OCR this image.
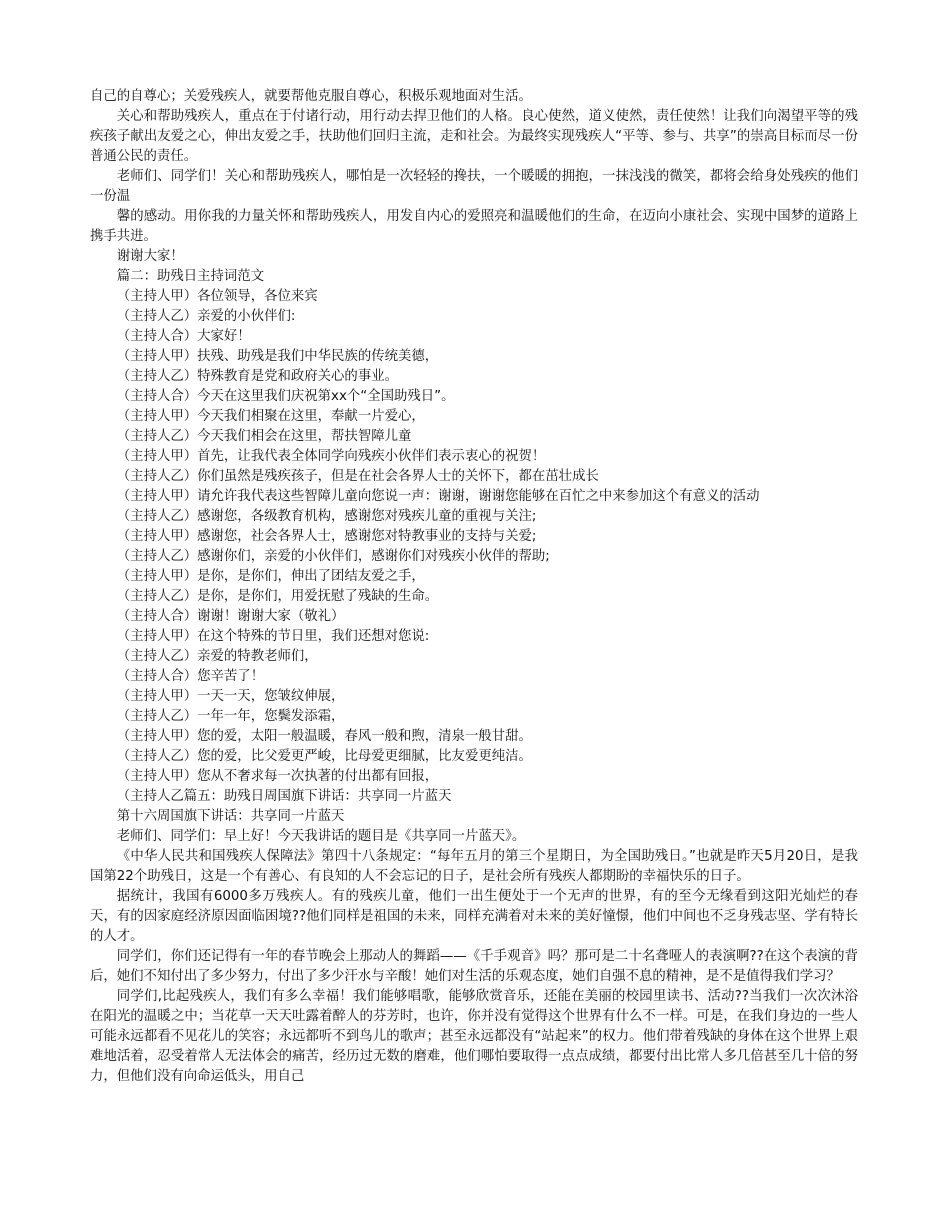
自己的自尊心；关爱残疾人，就要帮他克服自尊心，积极乐观地面对生活。

关心和帮助残疾人，重点在于付诸行动，用行动去捍卫他们的人格。良心使然，道义使然，责任使然！让我们向渴望平等的残疾孩子献出友爱之心，伸出友爱之手，扶助他们回归主流，走和社会。为最终实现残疾人“平等、参与、共享”的崇高目标而尽一份普通公民的责任。

老师们、同学们！关心和帮助残疾人，哪怕是一次轻轻的搀扶，一个暖暖的拥抱，一抹浅浅的微笑，都将会给身处残疾的他们一份温

馨的感动。用你我的力量关怀和帮助残疾人，用发自内心的爱照亮和温暖他们的生命，在迈向小康社会、实现中国梦的道路上携手共进。

谢谢大家！

篇二：助残日主持词范文

（主持人甲）各位领导，各位来宾

（主持人乙）亲爱的小伙伴们:

（主持人合）大家好！

（主持人甲）扶残、助残是我们中华民族的传统美德，

（主持人乙）特殊教育是党和政府关心的事业。

（主持人合）今天在这里我们庆祝第xx个“全国助残日”。

（主持人甲）今天我们相聚在这里，奉献一片爱心，

（主持人乙）今天我们相会在这里，帮扶智障儿童

（主持人甲）首先，让我代表全体同学向残疾小伙伴们表示衷心的祝贺！

（主持人乙）你们虽然是残疾孩子，但是在社会各界人士的关怀下，都在茁壮成长

（主持人甲）请允许我代表这些智障儿童向您说一声：谢谢，谢谢您能够在百忙之中来参加这个有意义的活动

（主持人乙）感谢您，各级教育机构，感谢您对残疾儿童的重视与关注;

（主持人甲）感谢您，社会各界人士，感谢您对特教事业的支持与关爱;

（主持人乙）感谢你们，亲爱的小伙伴们，感谢你们对残疾小伙伴的帮助;

（主持人甲）是你，是你们，伸出了团结友爱之手，

（主持人乙）是你，是你们，用爱抚慰了残缺的生命。

（主持人合）谢谢！谢谢大家（敬礼）

（主持人甲）在这个特殊的节日里，我们还想对您说:

（主持人乙）亲爱的特教老师们，

（主持人合）您辛苦了！

（主持人甲）一天一天，您皱纹伸展，

（主持人乙）一年一年，您鬓发添霜，

（主持人甲）您的爱，太阳一般温暖，春风一般和煦，清泉一般甘甜。

（主持人乙）您的爱，比父爱更严峻，比母爱更细腻，比友爱更纯洁。

（主持人甲）您从不奢求每一次执著的付出都有回报，

（主持人乙篇五：助残日周国旗下讲话：共享同一片蓝天

第十六周国旗下讲话：共享同一片蓝天

老师们、同学们：早上好！今天我讲话的题目是《共享同一片蓝天》。

《中华人民共和国残疾人保障法》第四十八条规定：“每年五月的第三个星期日，为全国助残日。”也就是昨天5月20日，是我国第22个助残日，这是一个有善心、有良知的人不会忘记的日子，是社会所有残疾人都期盼的幸福快乐的日子。

据统计，我国有6000多万残疾人。有的残疾儿童，他们一出生便处于一个无声的世界，有的至今无缘看到这阳光灿烂的春天，有的因家庭经济原因面临困境??他们同样是祖国的未来，同样充满着对未来的美好憧憬，他们中间也不乏身残志坚、学有特长的人才。

同学们，你们还记得有一年的春节晚会上那动人的舞蹈——《千手观音》吗？那可是二十名聋哑人的表演啊??在这个表演的背后，她们不知付出了多少努力，付出了多少汗水与辛酸！她们对生活的乐观态度，她们自强不息的精神，是不是值得我们学习？

同学们,比起残疾人，我们有多么幸福！我们能够唱歌，能够欣赏音乐，还能在美丽的校园里读书、活动??当我们一次次沐浴在阳光的温暖之中；当花草一天天吐露着醉人的芬芳时，也许，你并没有觉得这个世界有什么不一样。可是，在我们身边的一些人可能永远都看不见花儿的笑容；永远都听不到鸟儿的歌声；甚至永远都没有“站起来”的权力。他们带着残缺的身体在这个世界上艰难地活着，忍受着常人无法体会的痛苦，经历过无数的磨难，他们哪怕要取得一点点成绩，都要付出比常人多几倍甚至几十倍的努力，但他们没有向命运低头，用自己
